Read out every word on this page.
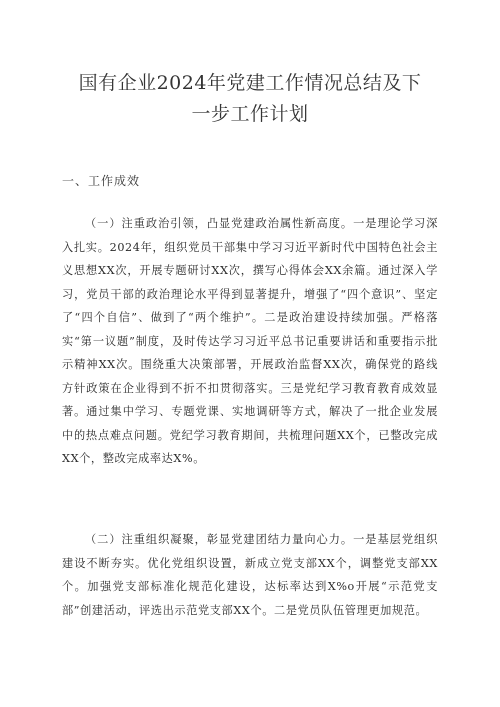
国有企业2024年党建工作情况总结及下一步工作计划
一、工作成效

（一）注重政治引领，凸显党建政治属性新高度。一是理论学习深入扎实。2024年，组织党员干部集中学习习近平新时代中国特色社会主义思想XX次，开展专题研讨XX次，撰写心得体会XX余篇。通过深入学习，党员干部的政治理论水平得到显著提升，增强了“四个意识”、坚定了“四个自信”、做到了“两个维护”。二是政治建设持续加强。严格落实“第一议题”制度，及时传达学习习近平总书记重要讲话和重要指示批示精神XX次。围绕重大决策部署，开展政治监督XX次，确保党的路线方针政策在企业得到不折不扣贯彻落实。三是党纪学习教育教育成效显著。通过集中学习、专题党课、实地调研等方式，解决了一批企业发展中的热点难点问题。党纪学习教育期间，共梳理问题XX个，已整改完成XX个，整改完成率达X%。

（二）注重组织凝聚，彰显党建团结力量向心力。一是基层党组织建设不断夯实。优化党组织设置，新成立党支部XX个，调整党支部XX个。加强党支部标准化规范化建设，达标率达到X%o开展“示范党支部”创建活动，评选出示范党支部XX个。二是党员队伍管理更加规范。
